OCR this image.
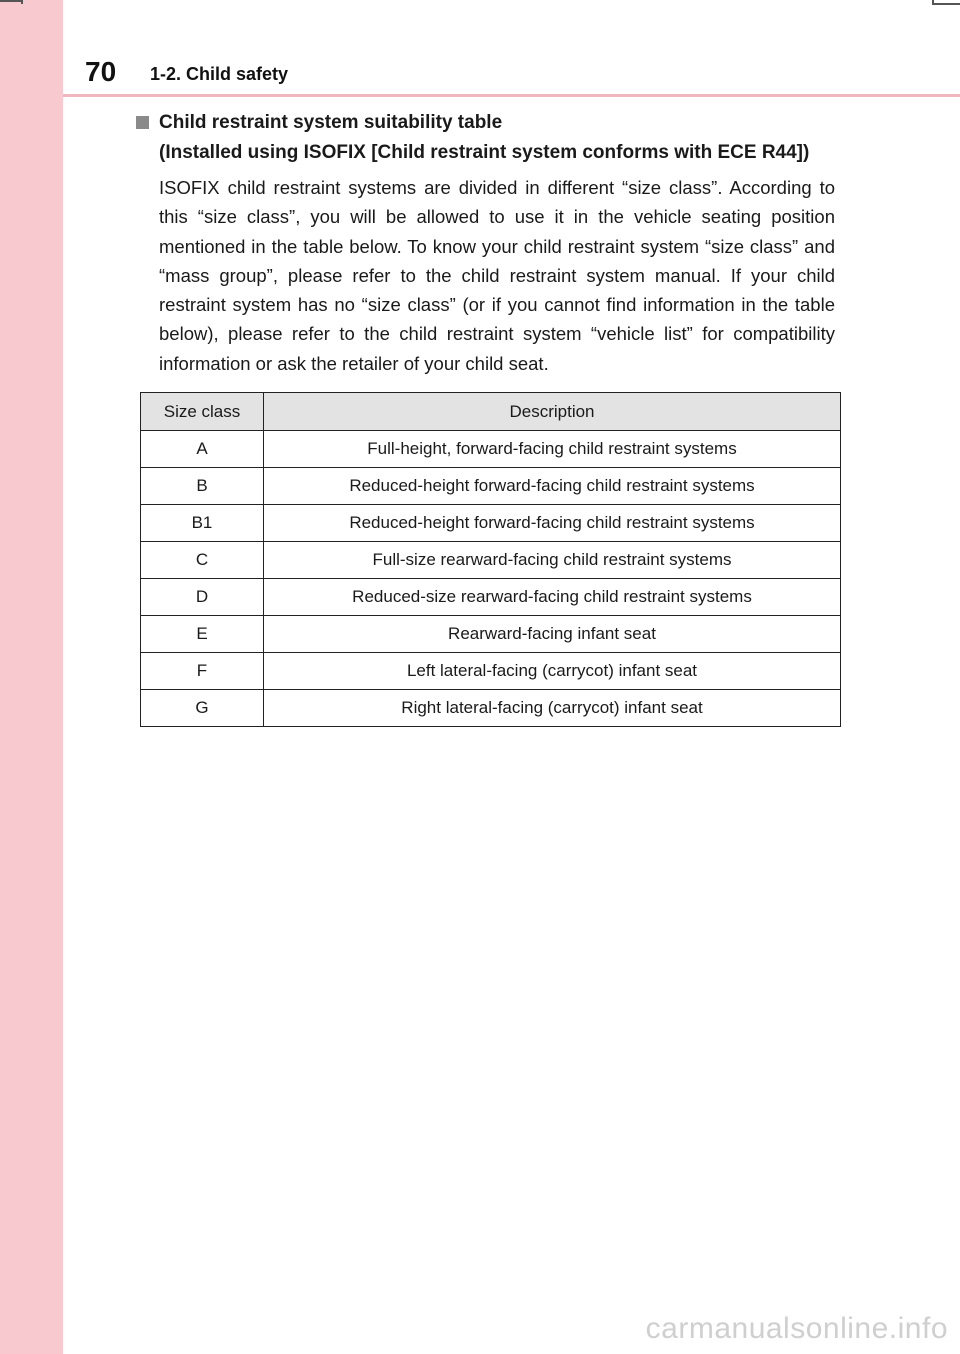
70 1-2. Child safety
Child restraint system suitability table
(Installed using ISOFIX [Child restraint system conforms with ECE R44])

ISOFIX child restraint systems are divided in different “size class”. According to this “size class”, you will be allowed to use it in the vehicle seating position mentioned in the table below. To know your child restraint system “size class” and “mass group”, please refer to the child restraint system manual. If your child restraint system has no “size class” (or if you cannot find information in the table below), please refer to the child restraint system “vehicle list” for compatibility information or ask the retailer of your child seat.

Size class	Description
A	Full-height, forward-facing child restraint systems
B	Reduced-height forward-facing child restraint systems
B1	Reduced-height forward-facing child restraint systems
C	Full-size rearward-facing child restraint systems
D	Reduced-size rearward-facing child restraint systems
E	Rearward-facing infant seat
F	Left lateral-facing (carrycot) infant seat
G	Right lateral-facing (carrycot) infant seat
carmanualsonline.info
